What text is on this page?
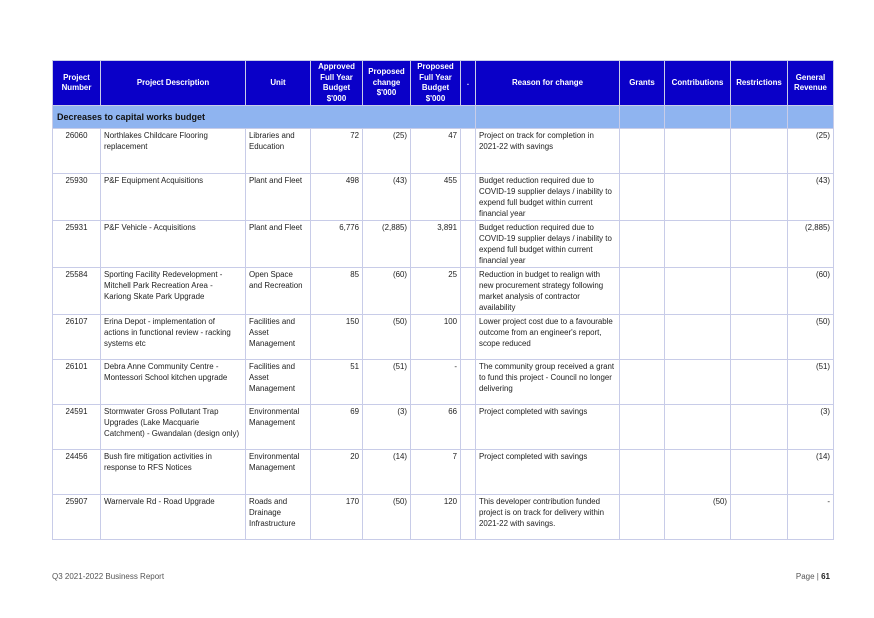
Project Number	Project Description	Unit	Approved Full Year Budget $'000	Proposed change $'000	Proposed Full Year Budget $'000	.	Reason for change	Grants	Contributions	Restrictions	General Revenue
Decreases to capital works budget											
26060	Northlakes Childcare Flooring replacement	Libraries and Education	72	(25)	47		Project on track for completion in 2021-22 with savings				(25)
25930	P&F Equipment Acquisitions	Plant and Fleet	498	(43)	455		Budget reduction required due to COVID-19 supplier delays / inability to expend full budget within current financial year				(43)
25931	P&F Vehicle - Acquisitions	Plant and Fleet	6,776	(2,885)	3,891		Budget reduction required due to COVID-19 supplier delays / inability to expend full budget within current financial year				(2,885)
25584	Sporting Facility Redevelopment - Mitchell Park Recreation Area - Kariong Skate Park Upgrade	Open Space and Recreation	85	(60)	25		Reduction in budget to realign with new procurement strategy following market analysis of contractor availability				(60)
26107	Erina Depot - implementation of actions in functional review - racking systems etc	Facilities and Asset Management	150	(50)	100		Lower project cost due to a favourable outcome from an engineer's report, scope reduced				(50)
26101	Debra Anne Community Centre - Montessori School kitchen upgrade	Facilities and Asset Management	51	(51)	-		The community group received a grant to fund this project - Council no longer delivering				(51)
24591	Stormwater Gross Pollutant Trap Upgrades (Lake Macquarie Catchment) - Gwandalan (design only)	Environmental Management	69	(3)	66		Project completed with savings				(3)
24456	Bush fire mitigation activities in response to RFS Notices	Environmental Management	20	(14)	7		Project completed with savings				(14)
25907	Warnervale Rd - Road Upgrade	Roads and Drainage Infrastructure	170	(50)	120		This developer contribution funded project is on track for delivery within 2021-22 with savings.		(50)		-
Q3 2021-2022 Business Report	Page | 61
